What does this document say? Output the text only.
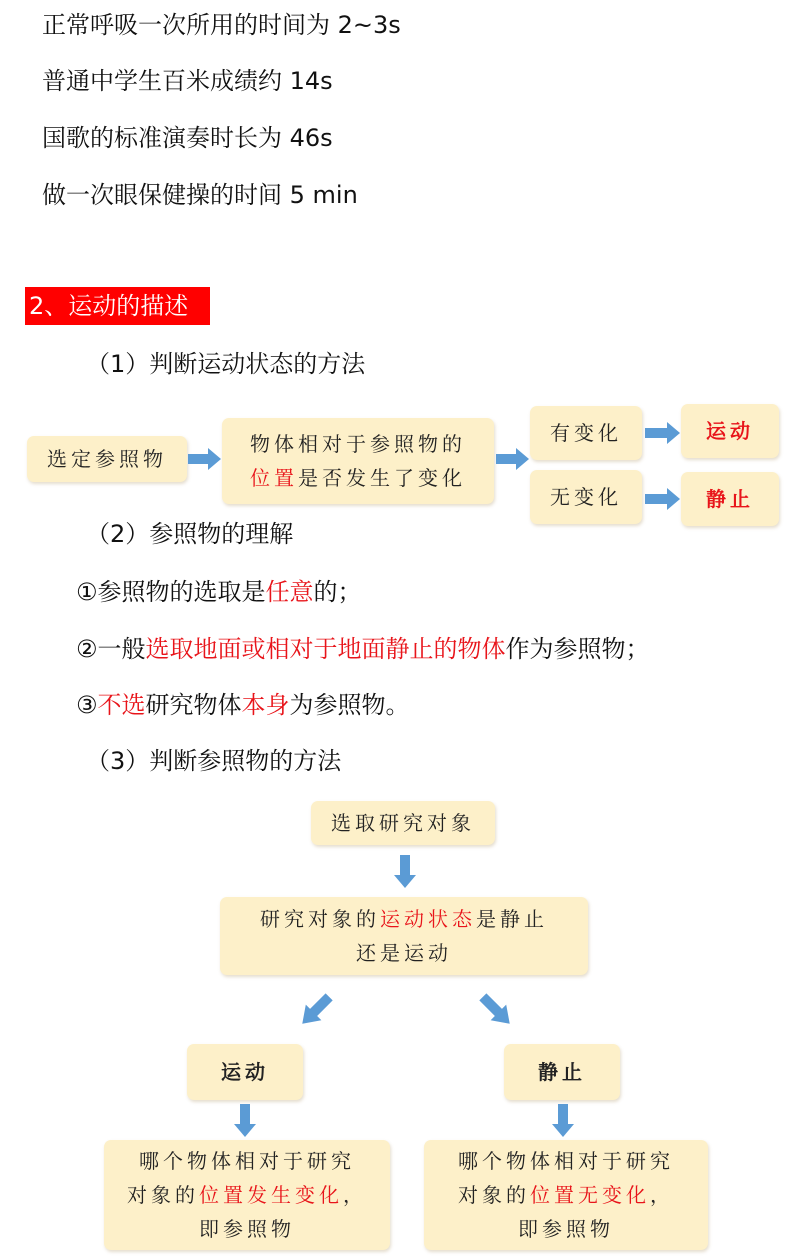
正常呼吸一次所用的时间为 2~3s
普通中学生百米成绩约 14s
国歌的标准演奏时长为 46s
做一次眼保健操的时间 5 min
2、运动的描述
（1）判断运动状态的方法
选定参照物
物体相对于参照物的
位置是否发生了变化
有变化
无变化
运动
静止
（2）参照物的理解
①参照物的选取是任意的；
②一般选取地面或相对于地面静止的物体作为参照物；
③不选研究物体本身为参照物。
（3）判断参照物的方法
选取研究对象
研究对象的运动状态是静止
还是运动
运动	静止
哪个物体相对于研究
对象的位置发生变化，
即参照物
哪个物体相对于研究
对象的位置无变化，
即参照物
